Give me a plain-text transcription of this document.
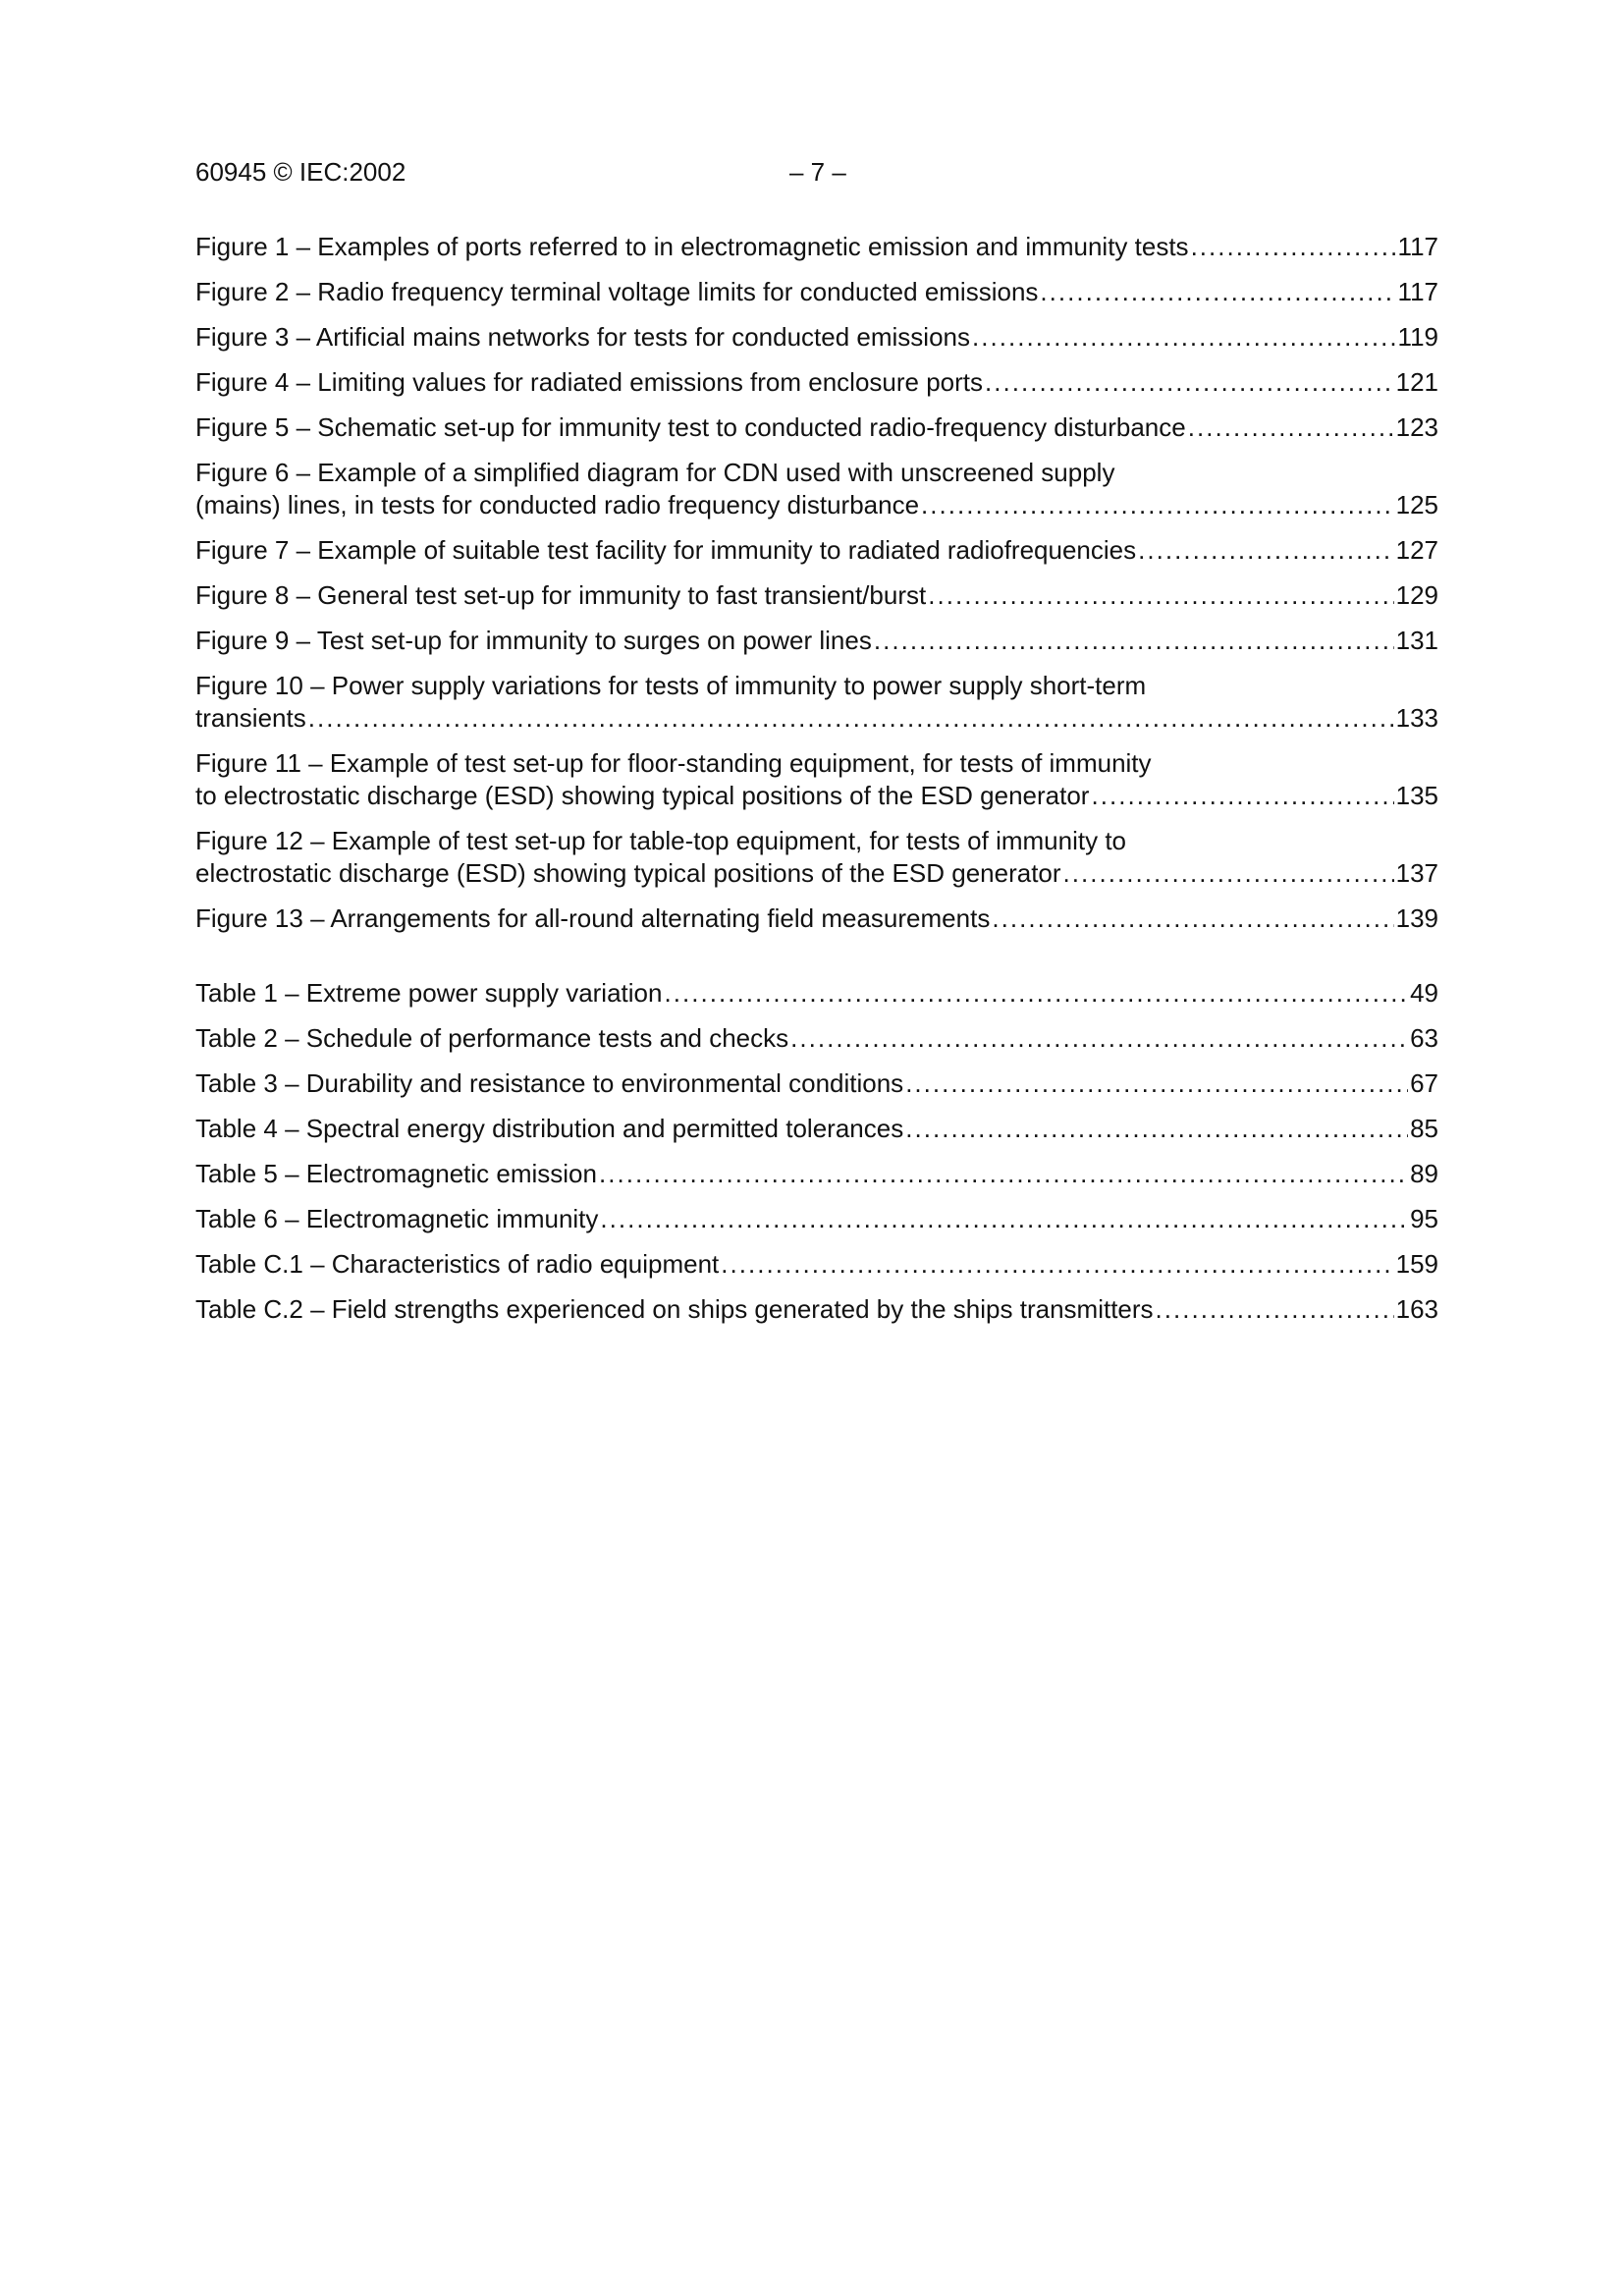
60945 © IEC:2002	– 7 –
Figure 1 – Examples of ports referred to in electromagnetic emission and immunity tests . . .	117
Figure 2 – Radio frequency terminal voltage limits for conducted emissions . . .	117
Figure 3 – Artificial mains networks for tests for conducted emissions . . .	119
Figure 4 – Limiting values for radiated emissions from enclosure ports . . .	121
Figure 5 – Schematic set-up for immunity test to conducted radio-frequency disturbance . . .	123
Figure 6 – Example of a simplified diagram for CDN used with unscreened supply
(mains) lines, in tests for conducted radio frequency disturbance . . .	125
Figure 7 – Example of suitable test facility for immunity to radiated radiofrequencies . . .	127
Figure 8 – General test set-up for immunity to fast transient/burst . . .	129
Figure 9 – Test set-up for immunity to surges on power lines . . .	131
Figure 10 – Power supply variations for tests of immunity to power supply short-term
transients . . .	133
Figure 11 – Example of test set-up for floor-standing equipment, for tests of immunity
to electrostatic discharge (ESD) showing typical positions of the ESD generator . . .	135
Figure 12 – Example of test set-up for table-top equipment, for tests of immunity to
electrostatic discharge (ESD) showing typical positions of the ESD generator . . .	137
Figure 13 – Arrangements for all-round alternating field measurements . . .	139
Table 1 – Extreme power supply variation . . .	49
Table 2 – Schedule of performance tests and checks . . .	63
Table 3 – Durability and resistance to environmental conditions . . .	67
Table 4 – Spectral energy distribution and permitted tolerances . . .	85
Table 5 – Electromagnetic emission . . .	89
Table 6 – Electromagnetic immunity . . .	95
Table C.1 – Characteristics of radio equipment . . .	159
Table C.2 – Field strengths experienced on ships generated by the ships transmitters . . .	163
